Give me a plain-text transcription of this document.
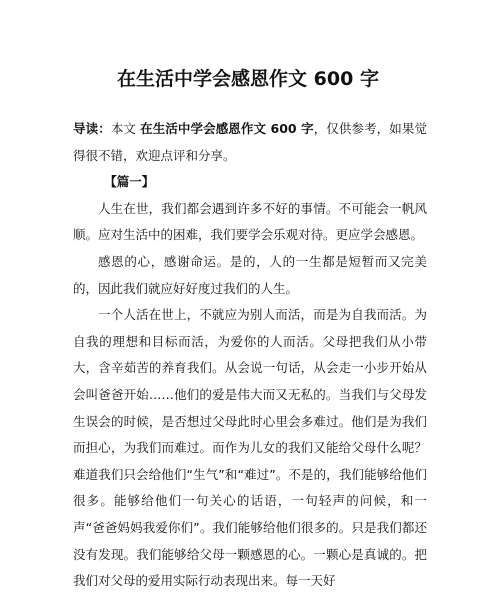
在生活中学会感恩作文 600 字

导读：本文 在生活中学会感恩作文 600 字，仅供参考，如果觉得很不错，欢迎点评和分享。

【篇一】

人生在世，我们都会遇到许多不好的事情。不可能会一帆风顺。应对生活中的困难，我们要学会乐观对待。更应学会感恩。

感恩的心，感谢命运。是的，人的一生都是短暂而又完美的，因此我们就应好好度过我们的人生。

一个人活在世上，不就应为别人而活，而是为自我而活。为自我的理想和目标而活，为爱你的人而活。父母把我们从小带大，含辛茹苦的养育我们。从会说一句话，从会走一小步开始从会叫爸爸开始……他们的爱是伟大而又无私的。当我们与父母发生误会的时候，是否想过父母此时心里会多难过。他们是为我们而担心，为我们而难过。而作为儿女的我们又能给父母什么呢？难道我们只会给他们“生气”和“难过”。不是的，我们能够给他们很多。能够给他们一句关心的话语，一句轻声的问候，和一声“爸爸妈妈我爱你们”。我们能够给他们很多的。只是我们都还没有发现。我们能够给父母一颗感恩的心。一颗心是真诚的。把我们对父母的爱用实际行动表现出来。每一天好
